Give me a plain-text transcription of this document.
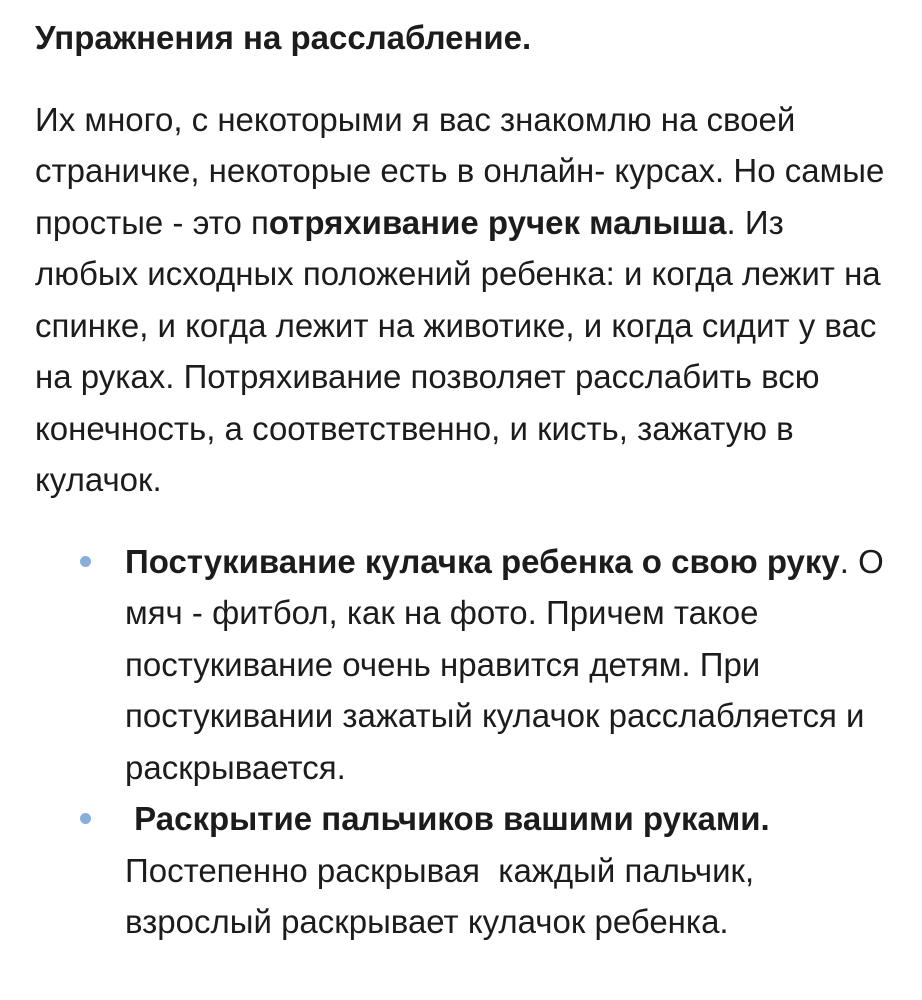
Упражнения на расслабление.

Их много, с некоторыми я вас знакомлю на своей страничке, некоторые есть в онлайн- курсах. Но самые простые - это потряхивание ручек малыша. Из любых исходных положений ребенка: и когда лежит на спинке, и когда лежит на животике, и когда сидит у вас на руках. Потряхивание позволяет расслабить всю конечность, а соответственно, и кисть, зажатую в кулачок.

Постукивание кулачка ребенка о свою руку. О мяч - фитбол, как на фото. Причем такое постукивание очень нравится детям. При постукивании зажатый кулачок расслабляется и раскрывается.
Раскрытие пальчиков вашими руками. Постепенно раскрывая  каждый пальчик, взрослый раскрывает кулачок ребенка.
